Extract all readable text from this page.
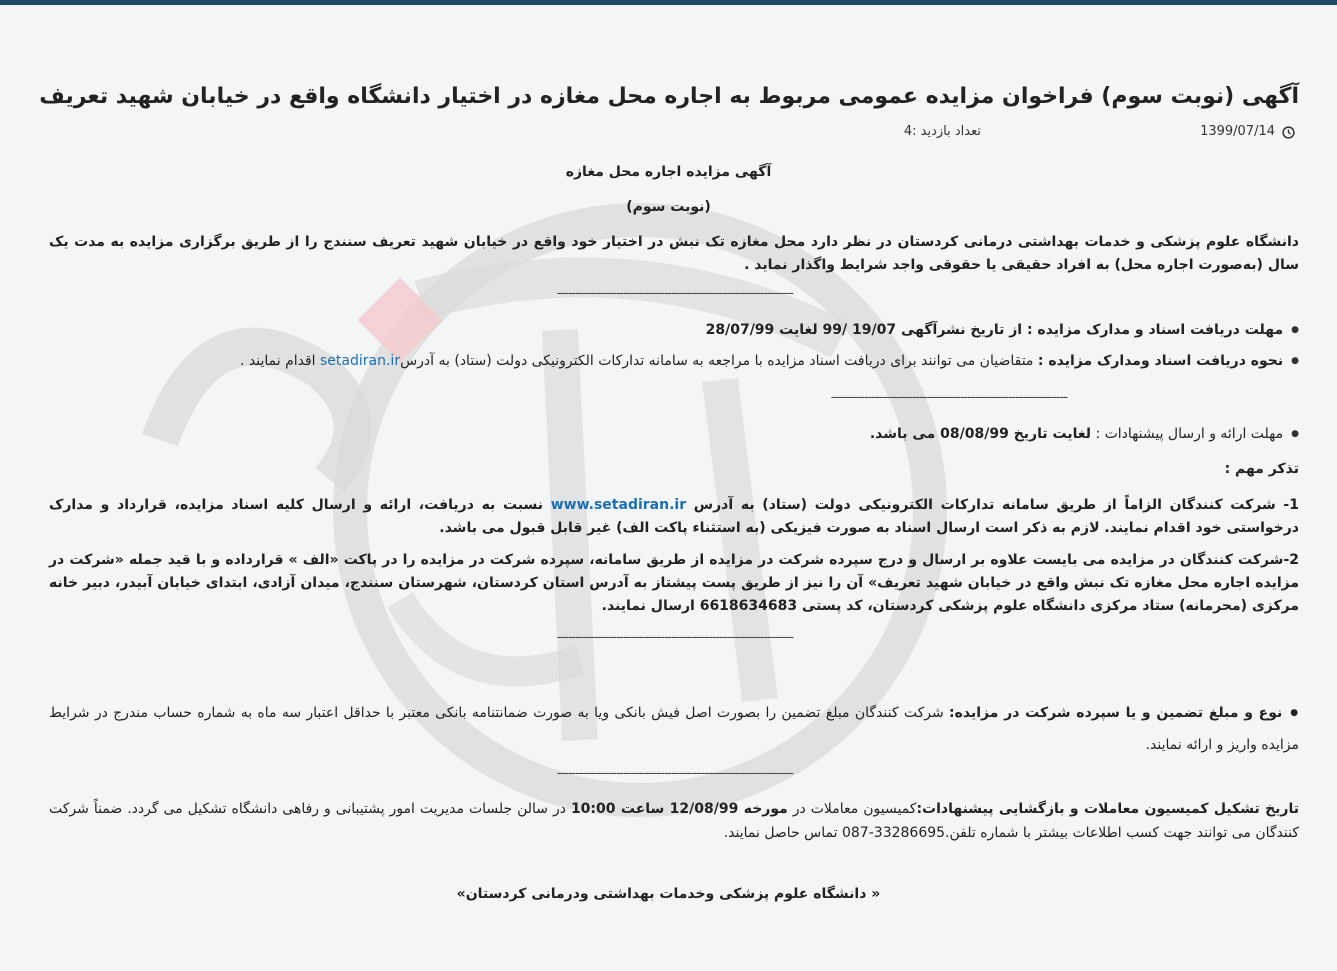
آگهی (نوبت سوم) فراخوان مزایده عمومی مربوط به اجاره محل مغازه در اختیار دانشگاه واقع در خیابان شهید تعریف
1399/07/14
تعداد بازدید :4
آگهی مزایده اجاره محل مغازه
(نوبت سوم)
دانشگاه علوم پزشکی و خدمات بهداشتی درمانی کردستان در نظر دارد محل مغازه تک نبش در اختیار خود واقع در خیابان شهید تعریف سنندج را از طریق برگزاری مزایده به مدت یک سال (به‌صورت اجاره محل) به افراد حقیقی یا حقوقی واجد شرایط واگذار نماید .
----------------------------------------------------------------
● مهلت دریافت اسناد و مدارک مزایده : از تاریخ نشرآگهی 19/07 /99 لغایت 28/07/99
● نحوه دریافت اسناد ومدارک مزایده : متقاضیان می توانند برای دریافت اسناد مزایده با مراجعه به سامانه تدارکات الکترونیکی دولت (ستاد) به آدرسsetadiran.ir اقدام نمایند .
----------------------------------------------------------------
● مهلت ارائه و ارسال پیشنهادات : لغایت تاریخ 08/08/99 می باشد.
تذکر مهم :
1- شرکت کنندگان الزاماً از طریق سامانه تدارکات الکترونیکی دولت (ستاد) به آدرس www.setadiran.ir نسبت به دریافت، ارائه و ارسال کلیه اسناد مزایده، قرارداد و مدارک درخواستی خود اقدام نمایند. لازم به ذکر است ارسال اسناد به صورت فیزیکی (به استثناء پاکت الف) غیر قابل قبول می باشد.
2-شرکت کنندگان در مزایده می بایست علاوه بر ارسال و درج سپرده شرکت در مزایده از طریق سامانه، سپرده شرکت در مزایده را در پاکت «الف » قرارداده و با قید جمله «شرکت در مزایده اجاره محل مغازه تک نبش واقع در خیابان شهید تعریف» آن را نیز از طریق پست پیشتاز به آدرس استان کردستان، شهرستان سنندج، میدان آزادی، ابتدای خیابان آبیدر، دبیر خانه مرکزی (محرمانه) ستاد مرکزی دانشگاه علوم پزشکی کردستان، کد پستی 6618634683 ارسال نمایند.
----------------------------------------------------------------
●نوع و مبلغ تضمین و یا سپرده شرکت در مزایده: شرکت کنندگان مبلغ تضمین را بصورت اصل فیش بانکی ویا به صورت ضمانتنامه بانکی معتبر با حداقل اعتبار سه ماه به شماره حساب مندرج در شرایط مزایده واریز و ارائه نمایند.
----------------------------------------------------------------
تاریخ تشکیل کمیسیون معاملات و بازگشایی پیشنهادات:کمیسیون معاملات در مورخه 12/08/99 ساعت 10:00 در سالن جلسات مدیریت امور پشتیبانی و رفاهی دانشگاه تشکیل می گردد. ضمناً شرکت کنندگان می توانند جهت کسب اطلاعات بیشتر با شماره تلفن.33286695-087 تماس حاصل نمایند.
« دانشگاه علوم پزشکی وخدمات بهداشتی ودرمانی کردستان»
